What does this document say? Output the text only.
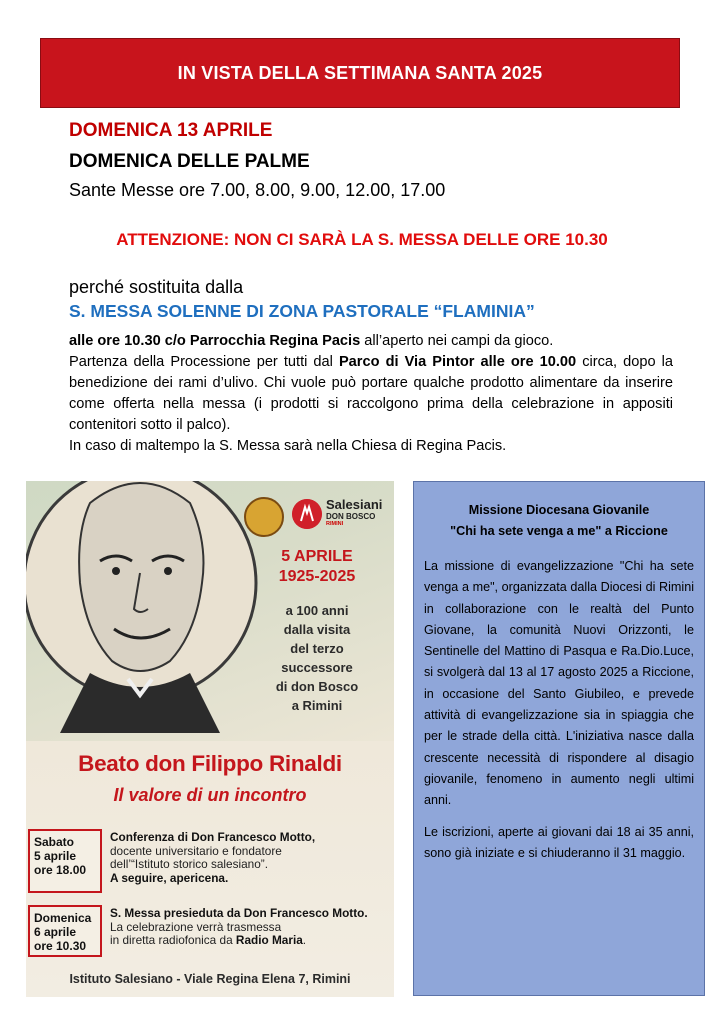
IN VISTA DELLA SETTIMANA SANTA 2025
DOMENICA 13 APRILE
DOMENICA DELLE PALME
Sante Messe ore 7.00, 8.00, 9.00, 12.00, 17.00
ATTENZIONE: NON CI SARÀ LA S. MESSA DELLE ORE 10.30
perché sostituita dalla
S. MESSA SOLENNE DI ZONA PASTORALE “FLAMINIA”

alle ore 10.30 c/o Parrocchia Regina Pacis all’aperto nei campi da gioco.

Partenza della Processione per tutti dal Parco di Via Pintor alle ore 10.00 circa, dopo la benedizione dei rami d’ulivo. Chi vuole può portare qualche prodotto alimentare da inserire come offerta nella messa (i prodotti si raccolgono prima della celebrazione in appositi contenitori sotto il palco).

In caso di maltempo la S. Messa sarà nella Chiesa di Regina Pacis.

Salesiani
DON BOSCO
RIMINI
5 APRILE
1925-2025
a 100 anni
dalla visita
del terzo
successore
di don Bosco
a Rimini
Beato don Filippo Rinaldi
Il valore di un incontro
Sabato
5 aprile
ore 18.00
Conferenza di Don Francesco Motto,
docente universitario e fondatore
dell’“Istituto storico salesiano”.
A seguire, apericena.
Domenica
6 aprile
ore 10.30
S. Messa presieduta da Don Francesco Motto.
La celebrazione verrà trasmessa
in diretta radiofonica da Radio Maria.
Istituto Salesiano - Viale Regina Elena 7, Rimini
Missione Diocesana Giovanile
"Chi ha sete venga a me" a Riccione

La missione di evangelizzazione "Chi ha sete venga a me", organizzata dalla Diocesi di Rimini in collaborazione con le realtà del Punto Giovane, la comunità Nuovi Orizzonti, le Sentinelle del Mattino di Pasqua e Ra.Dio.Luce, si svolgerà dal 13 al 17 agosto 2025 a Riccione, in occasione del Santo Giubileo, e prevede attività di evangelizzazione sia in spiaggia che per le strade della città. L'iniziativa nasce dalla crescente necessità di rispondere al disagio giovanile, fenomeno in aumento negli ultimi anni.

Le iscrizioni, aperte ai giovani dai 18 ai 35 anni, sono già iniziate e si chiuderanno il 31 maggio.
